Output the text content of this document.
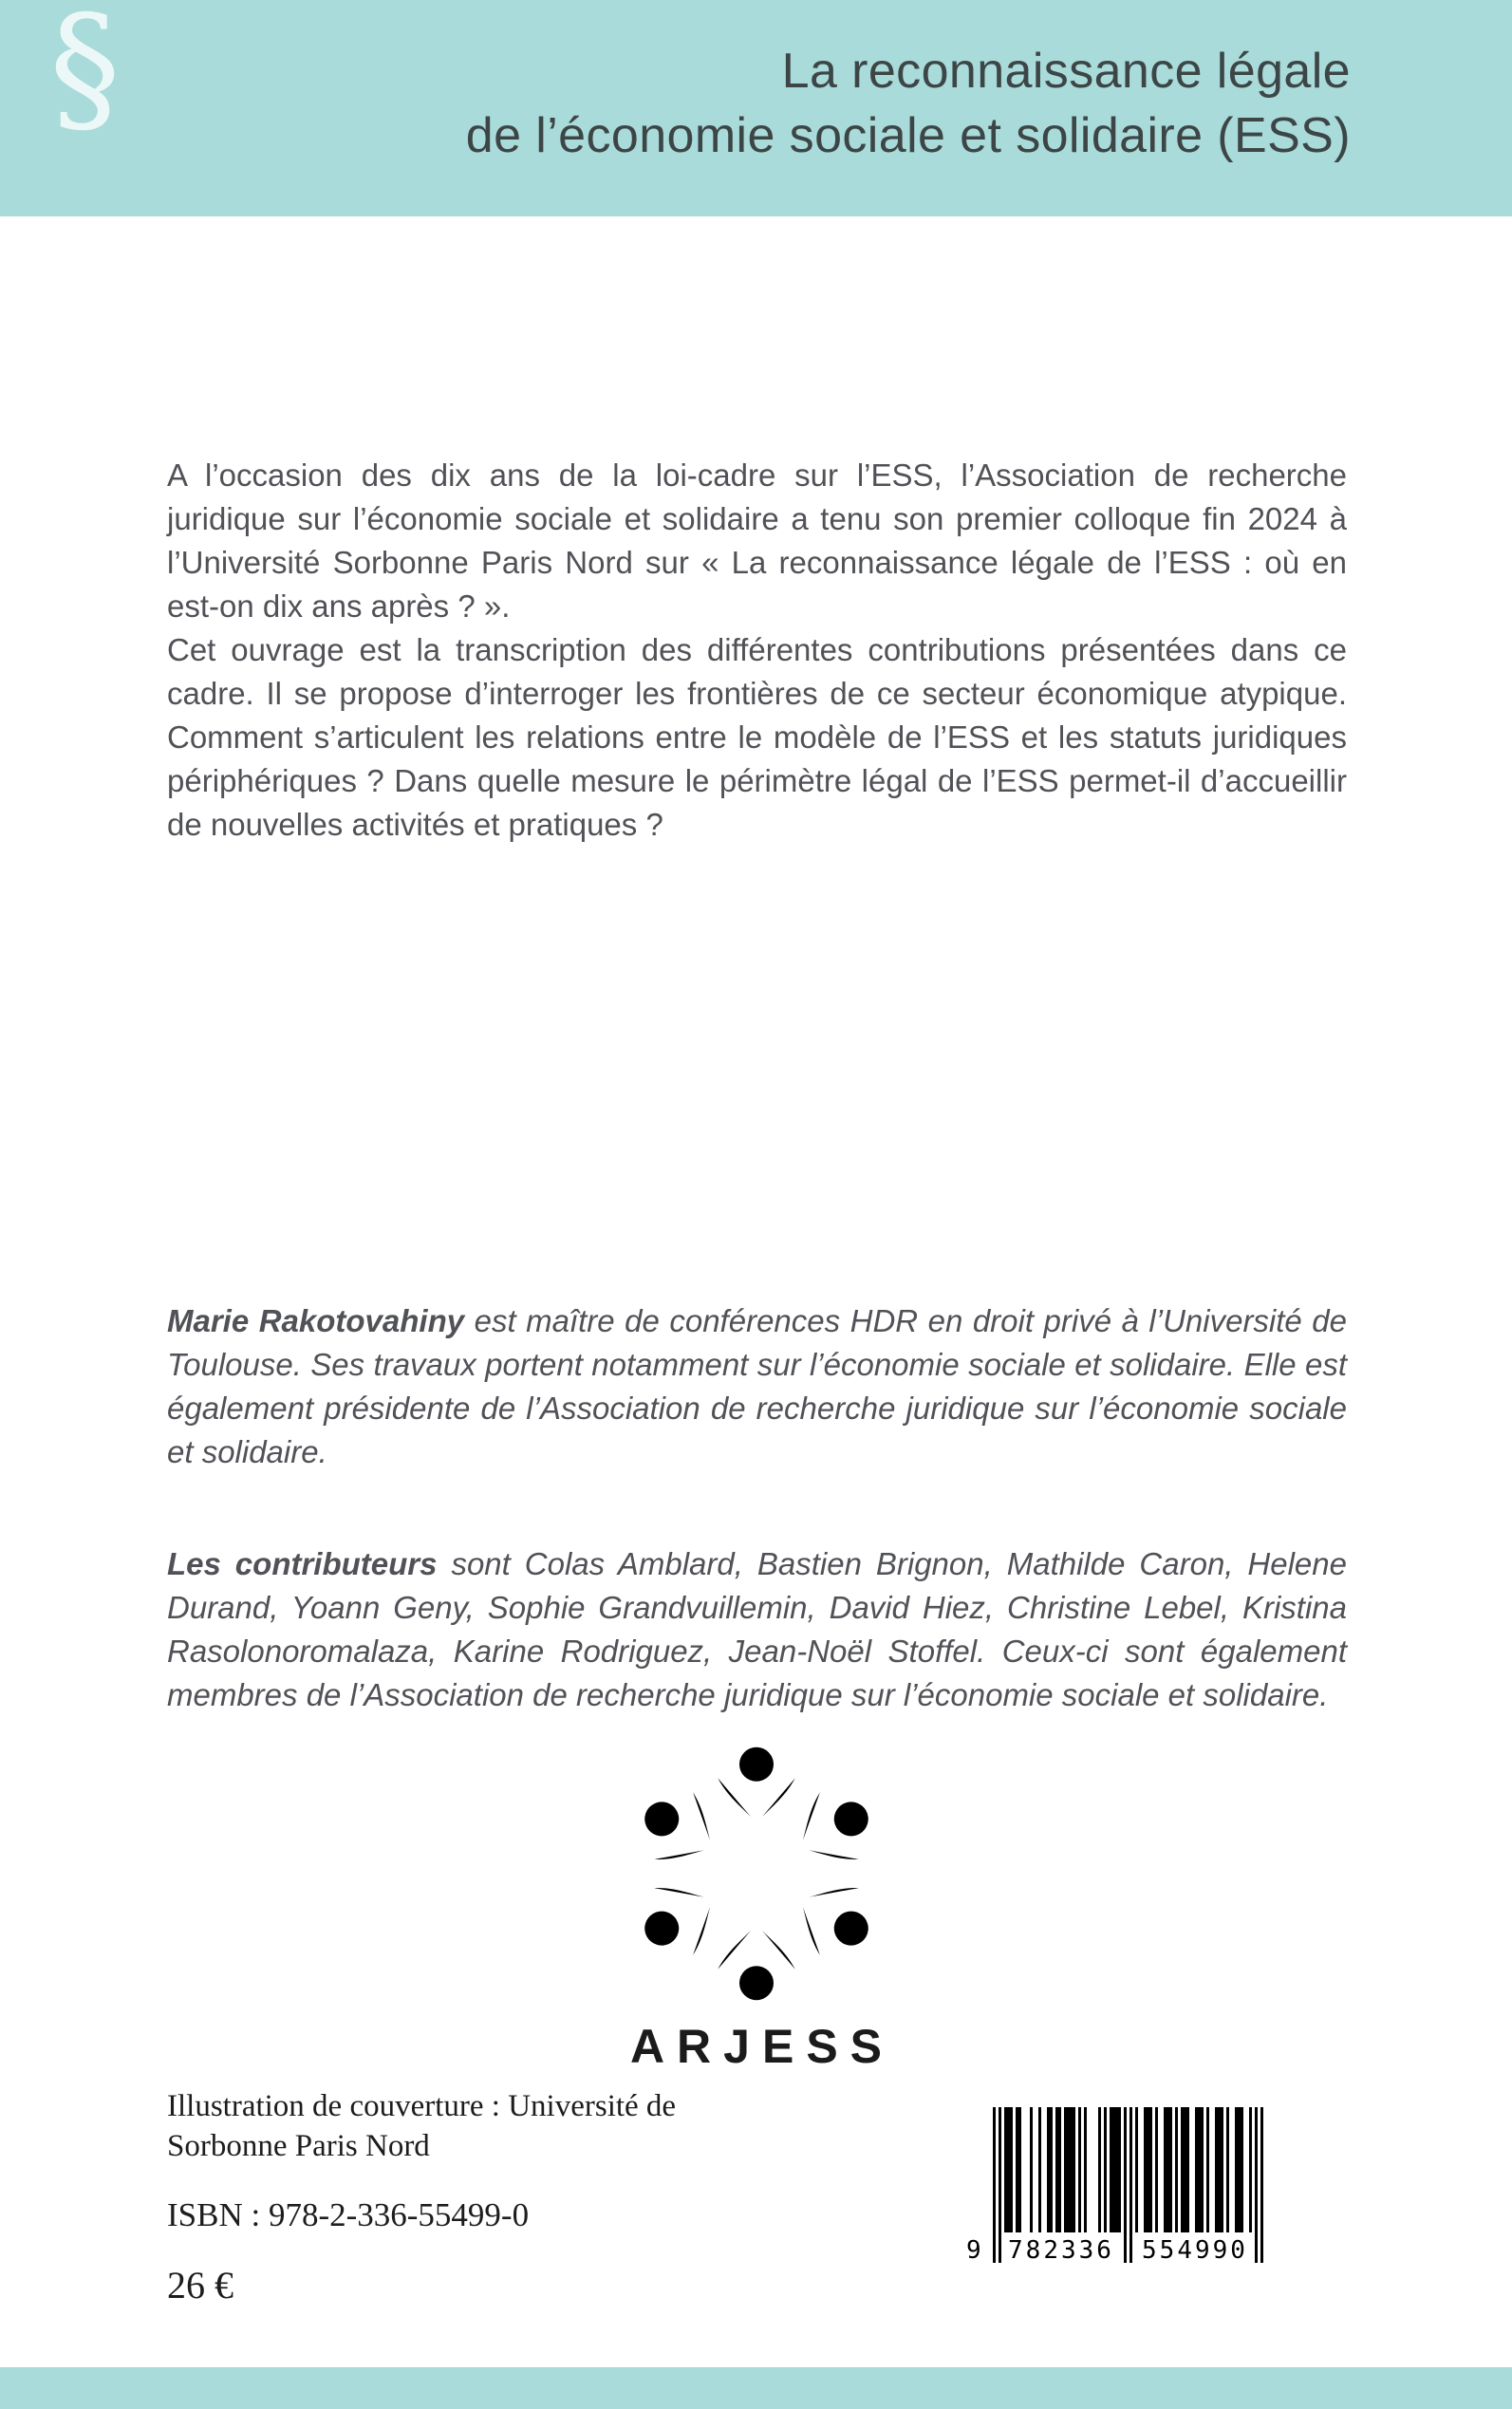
§	La reconnaissance légale
de l’économie sociale et solidaire (ESS)

A l’occasion des dix ans de la loi-cadre sur l’ESS, l’Association de recherche juridique sur l’économie sociale et solidaire a tenu son premier colloque fin 2024 à l’Université Sorbonne Paris Nord sur « La reconnaissance légale de l’ESS : où en est-on dix ans après ? ».

Cet ouvrage est la transcription des différentes contributions présentées dans ce cadre. Il se propose d’interroger les frontières de ce secteur économique atypique. Comment s’articulent les relations entre le modèle de l’ESS et les statuts juridiques périphériques ? Dans quelle mesure le périmètre légal de l’ESS permet-il d’accueillir de nouvelles activités et pratiques ?

Marie Rakotovahiny est maître de conférences HDR en droit privé à l’Université de Toulouse. Ses travaux portent notamment sur l’économie sociale et solidaire. Elle est également présidente de l’Association de recherche juridique sur l’économie sociale et solidaire.

Les contributeurs sont Colas Amblard, Bastien Brignon, Mathilde Caron, Helene Durand, Yoann Geny, Sophie Grandvuillemin, David Hiez, Christine Lebel, Kristina Rasolonoromalaza, Karine Rodriguez, Jean-Noël Stoffel. Ceux-ci sont également membres de l’Association de recherche juridique sur l’économie sociale et solidaire.

ARJESS
Illustration de couverture : Université de
Sorbonne Paris Nord
ISBN : 978-2-336-55499-0
26 €
9 782336 554990
